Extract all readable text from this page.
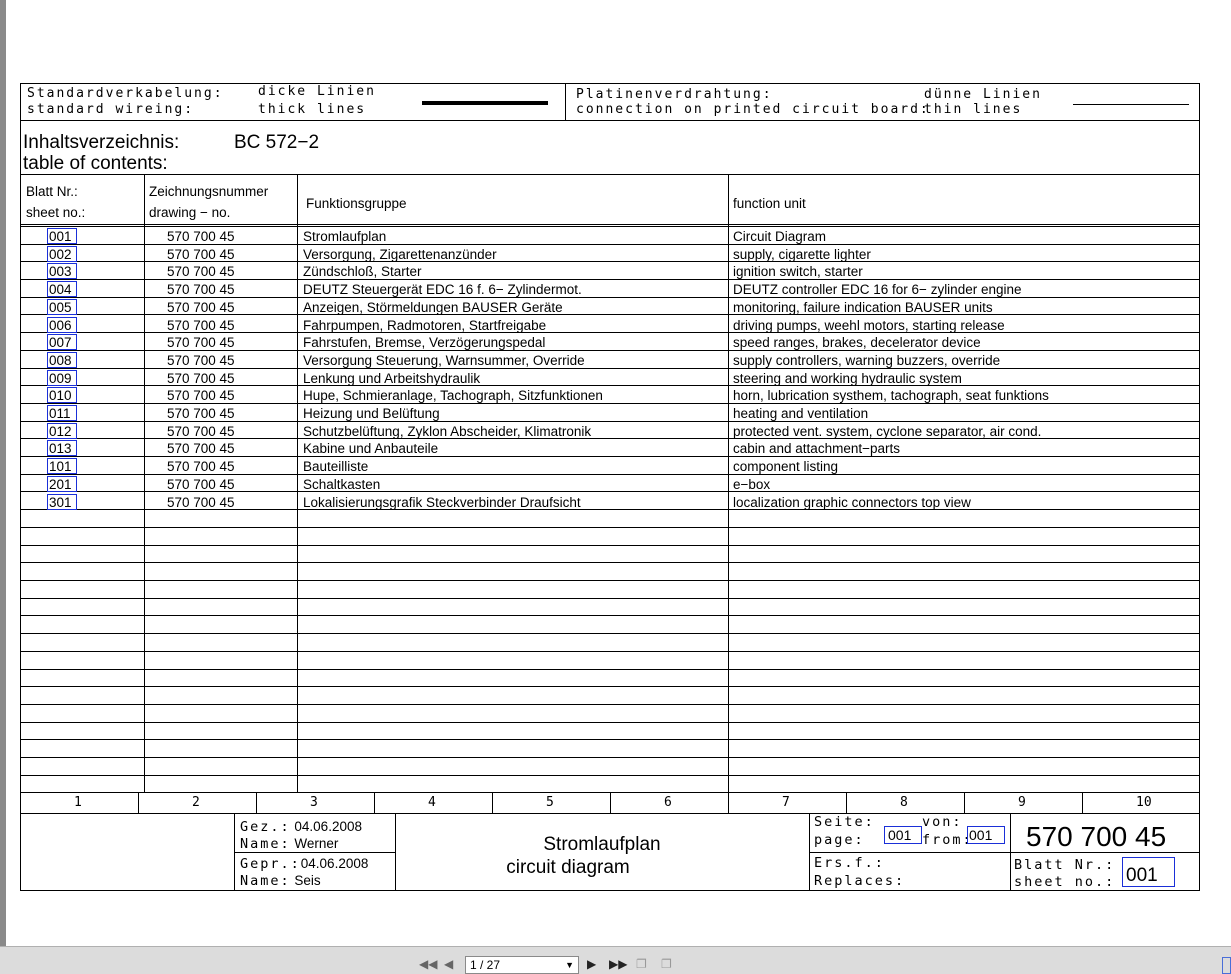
Standardverkabelung:
standard wireing:
dicke Linien
thick lines
Platinenverdrahtung:
connection on printed circuit board:
dünne Linien
thin lines
Inhaltsverzeichnis:
table of contents:
BC 572−2
Blatt Nr.:
sheet no.:
Zeichnungsnummer
drawing − no.
Funktionsgruppe	function unit
001	570 700 45	Stromlaufplan	Circuit Diagram
002	570 700 45	Versorgung, Zigarettenanzünder	supply, cigarette lighter
003	570 700 45	Zündschloß, Starter	ignition switch, starter
004	570 700 45	DEUTZ Steuergerät EDC 16 f. 6− Zylindermot.	DEUTZ controller EDC 16 for 6− zylinder engine
005	570 700 45	Anzeigen, Störmeldungen BAUSER Geräte	monitoring, failure indication BAUSER units
006	570 700 45	Fahrpumpen, Radmotoren, Startfreigabe	driving pumps, weehl motors, starting release
007	570 700 45	Fahrstufen, Bremse, Verzögerungspedal	speed ranges, brakes, decelerator device
008	570 700 45	Versorgung Steuerung, Warnsummer, Override	supply controllers, warning buzzers, override
009	570 700 45	Lenkung und Arbeitshydraulik	steering and working hydraulic system
010	570 700 45	Hupe, Schmieranlage, Tachograph, Sitzfunktionen	horn, lubrication systhem, tachograph, seat funktions
011	570 700 45	Heizung und Belüftung	heating and ventilation
012	570 700 45	Schutzbelüftung, Zyklon Abscheider, Klimatronik	protected vent. system, cyclone separator, air cond.
013	570 700 45	Kabine und Anbauteile	cabin and attachment−parts
101	570 700 45	Bauteilliste	component listing
201	570 700 45	Schaltkasten	e−box
301	570 700 45	Lokalisierungsgrafik Steckverbinder Draufsicht	localization graphic connectors top view
1	2	3	4	5	6	7	8	9	10
Gez.: 04.06.2008
Name: Werner
Gepr.:04.06.2008
Name: Seis
Stromlaufplan
circuit diagram
Seite:
page: 001
von:
from:
001 570 700 45
Ers.f.:
Replaces:
Blatt Nr.:
sheet no.: 001
◀◀ ◀	1 / 27	▼ ▶ ▶▶ ❐ ❐
